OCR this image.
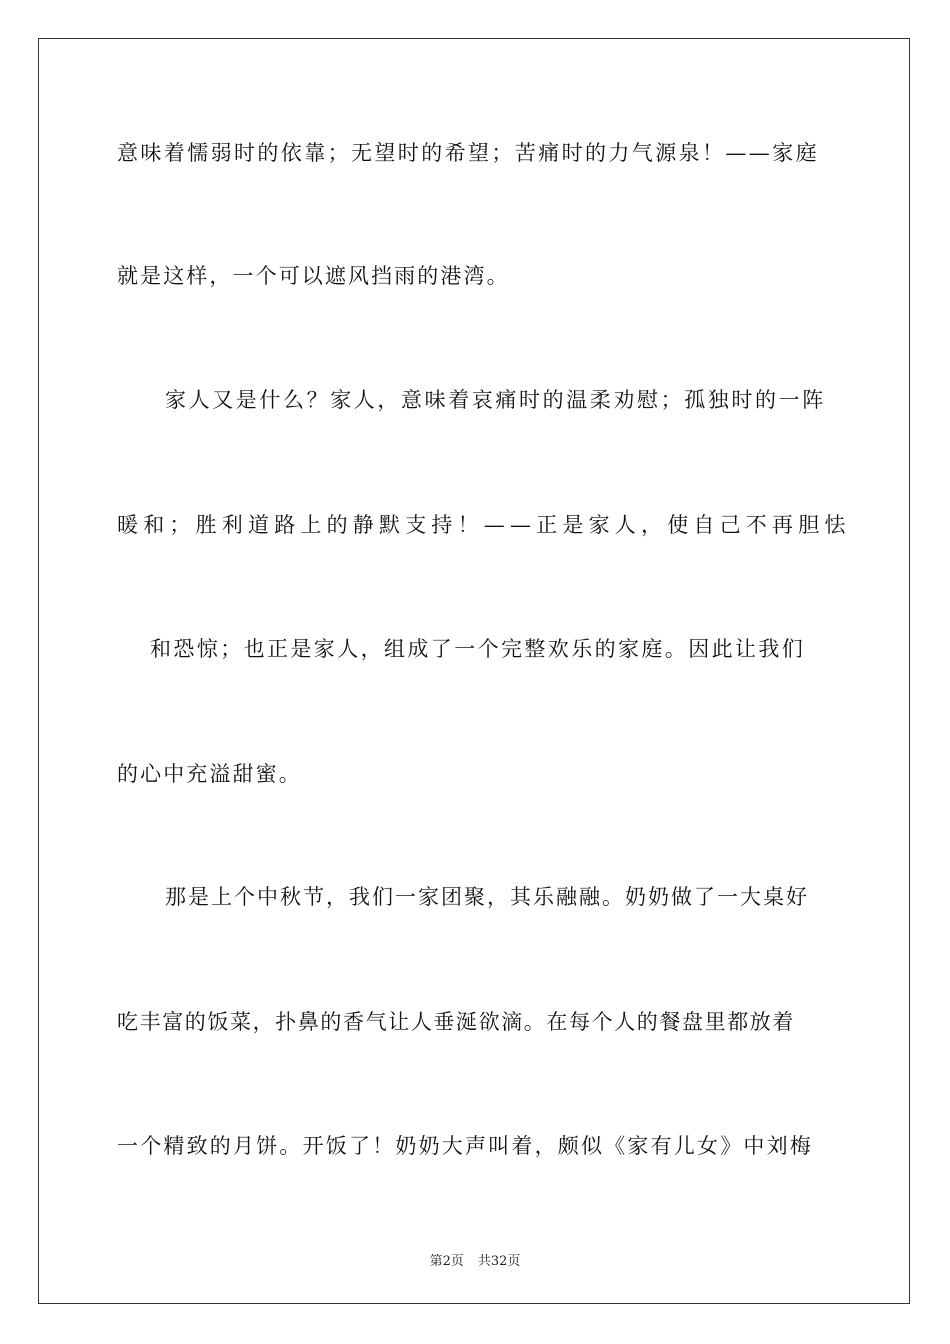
意味着懦弱时的依靠；无望时的希望；苦痛时的力气源泉！——家庭
就是这样，一个可以遮风挡雨的港湾。
家人又是什么？家人，意味着哀痛时的温柔劝慰；孤独时的一阵
暖和；胜利道路上的静默支持！——正是家人，使自己不再胆怯
和恐惊；也正是家人，组成了一个完整欢乐的家庭。因此让我们
的心中充溢甜蜜。
那是上个中秋节，我们一家团聚，其乐融融。奶奶做了一大桌好
吃丰富的饭菜，扑鼻的香气让人垂涎欲滴。在每个人的餐盘里都放着
一个精致的月饼。开饭了！奶奶大声叫着，颇似《家有儿女》中刘梅
第2页 共32页
